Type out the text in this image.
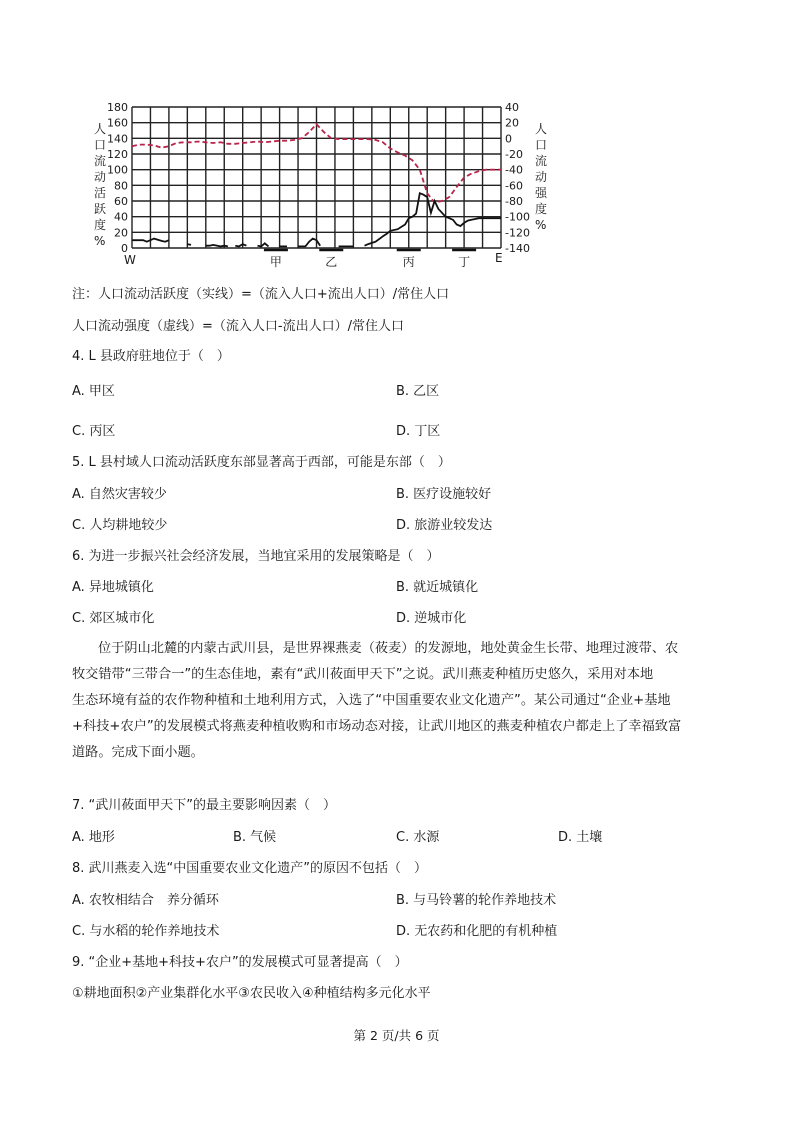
人
口
流
动
活
跃
度
%
人
口
流
动
强
度
%
180
160
140
120
100
80
60
40
20
0
40
20
0
-20
-40
-60
-80
-100
-120
-140
W	E
甲	乙	丙	丁
注：人口流动活跃度（实线）=（流入人口+流出人口）/常住人口
人口流动强度（虚线）=（流入人口-流出人口）/常住人口
4. L 县政府驻地位于（　）
A. 甲区	B. 乙区
C. 丙区	D. 丁区
5. L 县村域人口流动活跃度东部显著高于西部，可能是东部（　）
A. 自然灾害较少	B. 医疗设施较好
C. 人均耕地较少	D. 旅游业较发达
6. 为进一步振兴社会经济发展，当地宜采用的发展策略是（　）
A. 异地城镇化	B. 就近城镇化
C. 郊区城市化	D. 逆城市化
位于阴山北麓的内蒙古武川县，是世界裸燕麦（莜麦）的发源地，地处黄金生长带、地理过渡带、农
牧交错带“三带合一”的生态佳地，素有“武川莜面甲天下”之说。武川燕麦种植历史悠久，采用对本地
生态环境有益的农作物种植和土地利用方式，入选了“中国重要农业文化遗产”。某公司通过“企业+基地
+科技+农户”的发展模式将燕麦种植收购和市场动态对接，让武川地区的燕麦种植农户都走上了幸福致富
道路。完成下面小题。
7. “武川莜面甲天下”的最主要影响因素（　）
A. 地形	B. 气候	C. 水源	D. 土壤
8. 武川燕麦入选“中国重要农业文化遗产”的原因不包括（　）
A. 农牧相结合　养分循环	B. 与马铃薯的轮作养地技术
C. 与水稻的轮作养地技术	D. 无农药和化肥的有机种植
9. “企业+基地+科技+农户”的发展模式可显著提高（　）
①耕地面积②产业集群化水平③农民收入④种植结构多元化水平
第 2 页/共 6 页
